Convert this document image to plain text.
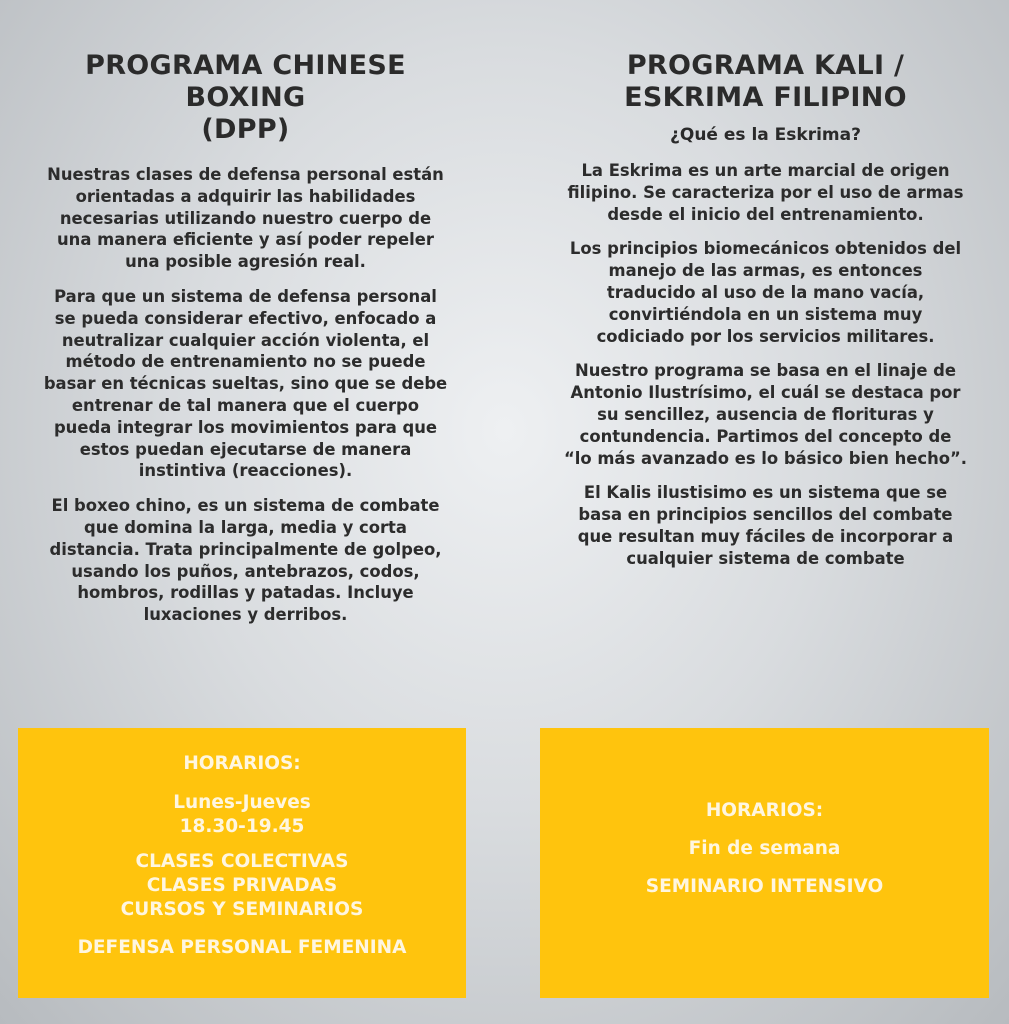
PROGRAMA CHINESE
BOXING
(DPP)

Nuestras clases de defensa personal están
orientadas a adquirir las habilidades
necesarias utilizando nuestro cuerpo de
una manera eficiente y así poder repeler
una posible agresión real.

Para que un sistema de defensa personal
se pueda considerar efectivo, enfocado a
neutralizar cualquier acción violenta, el
método de entrenamiento no se puede
basar en técnicas sueltas, sino que se debe
entrenar de tal manera que el cuerpo
pueda integrar los movimientos para que
estos puedan ejecutarse de manera
instintiva (reacciones).

El boxeo chino, es un sistema de combate
que domina la larga, media y corta
distancia. Trata principalmente de golpeo,
usando los puños, antebrazos, codos,
hombros, rodillas y patadas. Incluye
luxaciones y derribos.

PROGRAMA KALI /
ESKRIMA FILIPINO

¿Qué es la Eskrima?

La Eskrima es un arte marcial de origen
filipino. Se caracteriza por el uso de armas
desde el inicio del entrenamiento.

Los principios biomecánicos obtenidos del
manejo de las armas, es entonces
traducido al uso de la mano vacía,
convirtiéndola en un sistema muy
codiciado por los servicios militares.

Nuestro programa se basa en el linaje de
Antonio Ilustrísimo, el cuál se destaca por
su sencillez, ausencia de florituras y
contundencia. Partimos del concepto de
“lo más avanzado es lo básico bien hecho”.

El Kalis ilustisimo es un sistema que se
basa en principios sencillos del combate
que resultan muy fáciles de incorporar a
cualquier sistema de combate

HORARIOS:
Lunes-Jueves
18.30-19.45
CLASES COLECTIVAS
CLASES PRIVADAS
CURSOS Y SEMINARIOS
DEFENSA PERSONAL FEMENINA
HORARIOS:
Fin de semana
SEMINARIO INTENSIVO
